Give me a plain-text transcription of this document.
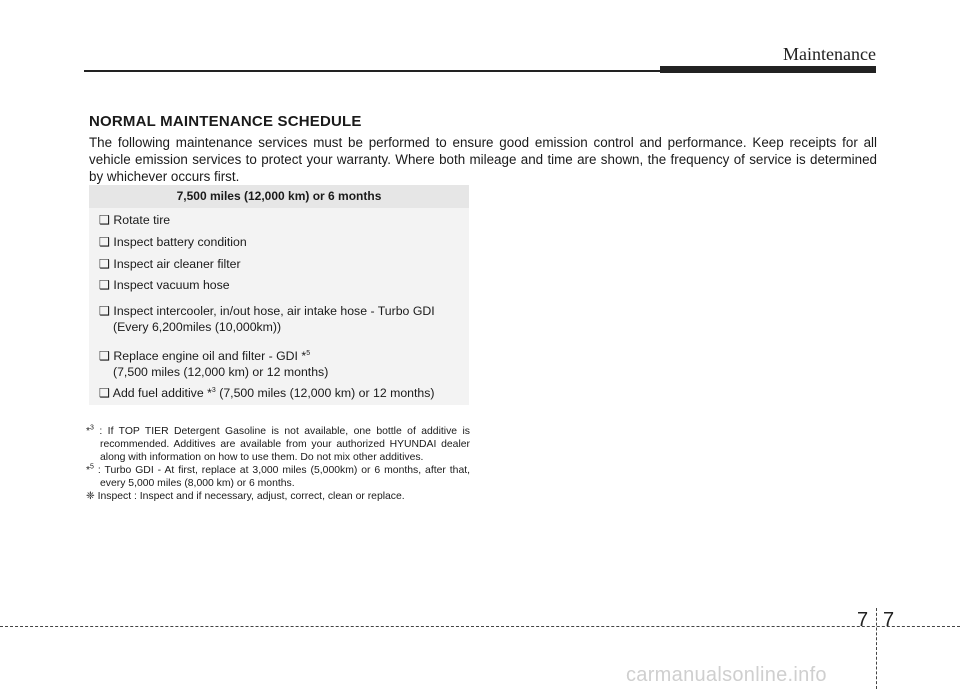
Maintenance
NORMAL MAINTENANCE SCHEDULE
The following maintenance services must be performed to ensure good emission control and performance. Keep receipts for all vehicle emission services to protect your warranty. Where both mileage and time are shown, the frequency of service is determined by whichever occurs first.
7,500 miles (12,000 km) or 6 months
❑ Rotate tire
❑ Inspect battery condition
❑ Inspect air cleaner filter
❑ Inspect vacuum hose
❑ Inspect intercooler, in/out hose, air intake hose - Turbo GDI
(Every 6,200miles (10,000km))
❑ Replace engine oil and filter - GDI *$^5$
(7,500 miles (12,000 km) or 12 months)
❑ Add fuel additive *$^3$ (7,500 miles (12,000 km) or 12 months)
*$^3$ : If TOP TIER Detergent Gasoline is not available, one bottle of additive is recommended. Additives are available from your authorized HYUNDAI dealer along with information on how to use them. Do not mix other additives.
*$^5$ : Turbo GDI - At first, replace at 3,000 miles (5,000km) or 6 months, after that, every 5,000 miles (8,000 km) or 6 months.
❈ Inspect : Inspect and if necessary, adjust, correct, clean or replace.
7 7
carmanualsonline.info
